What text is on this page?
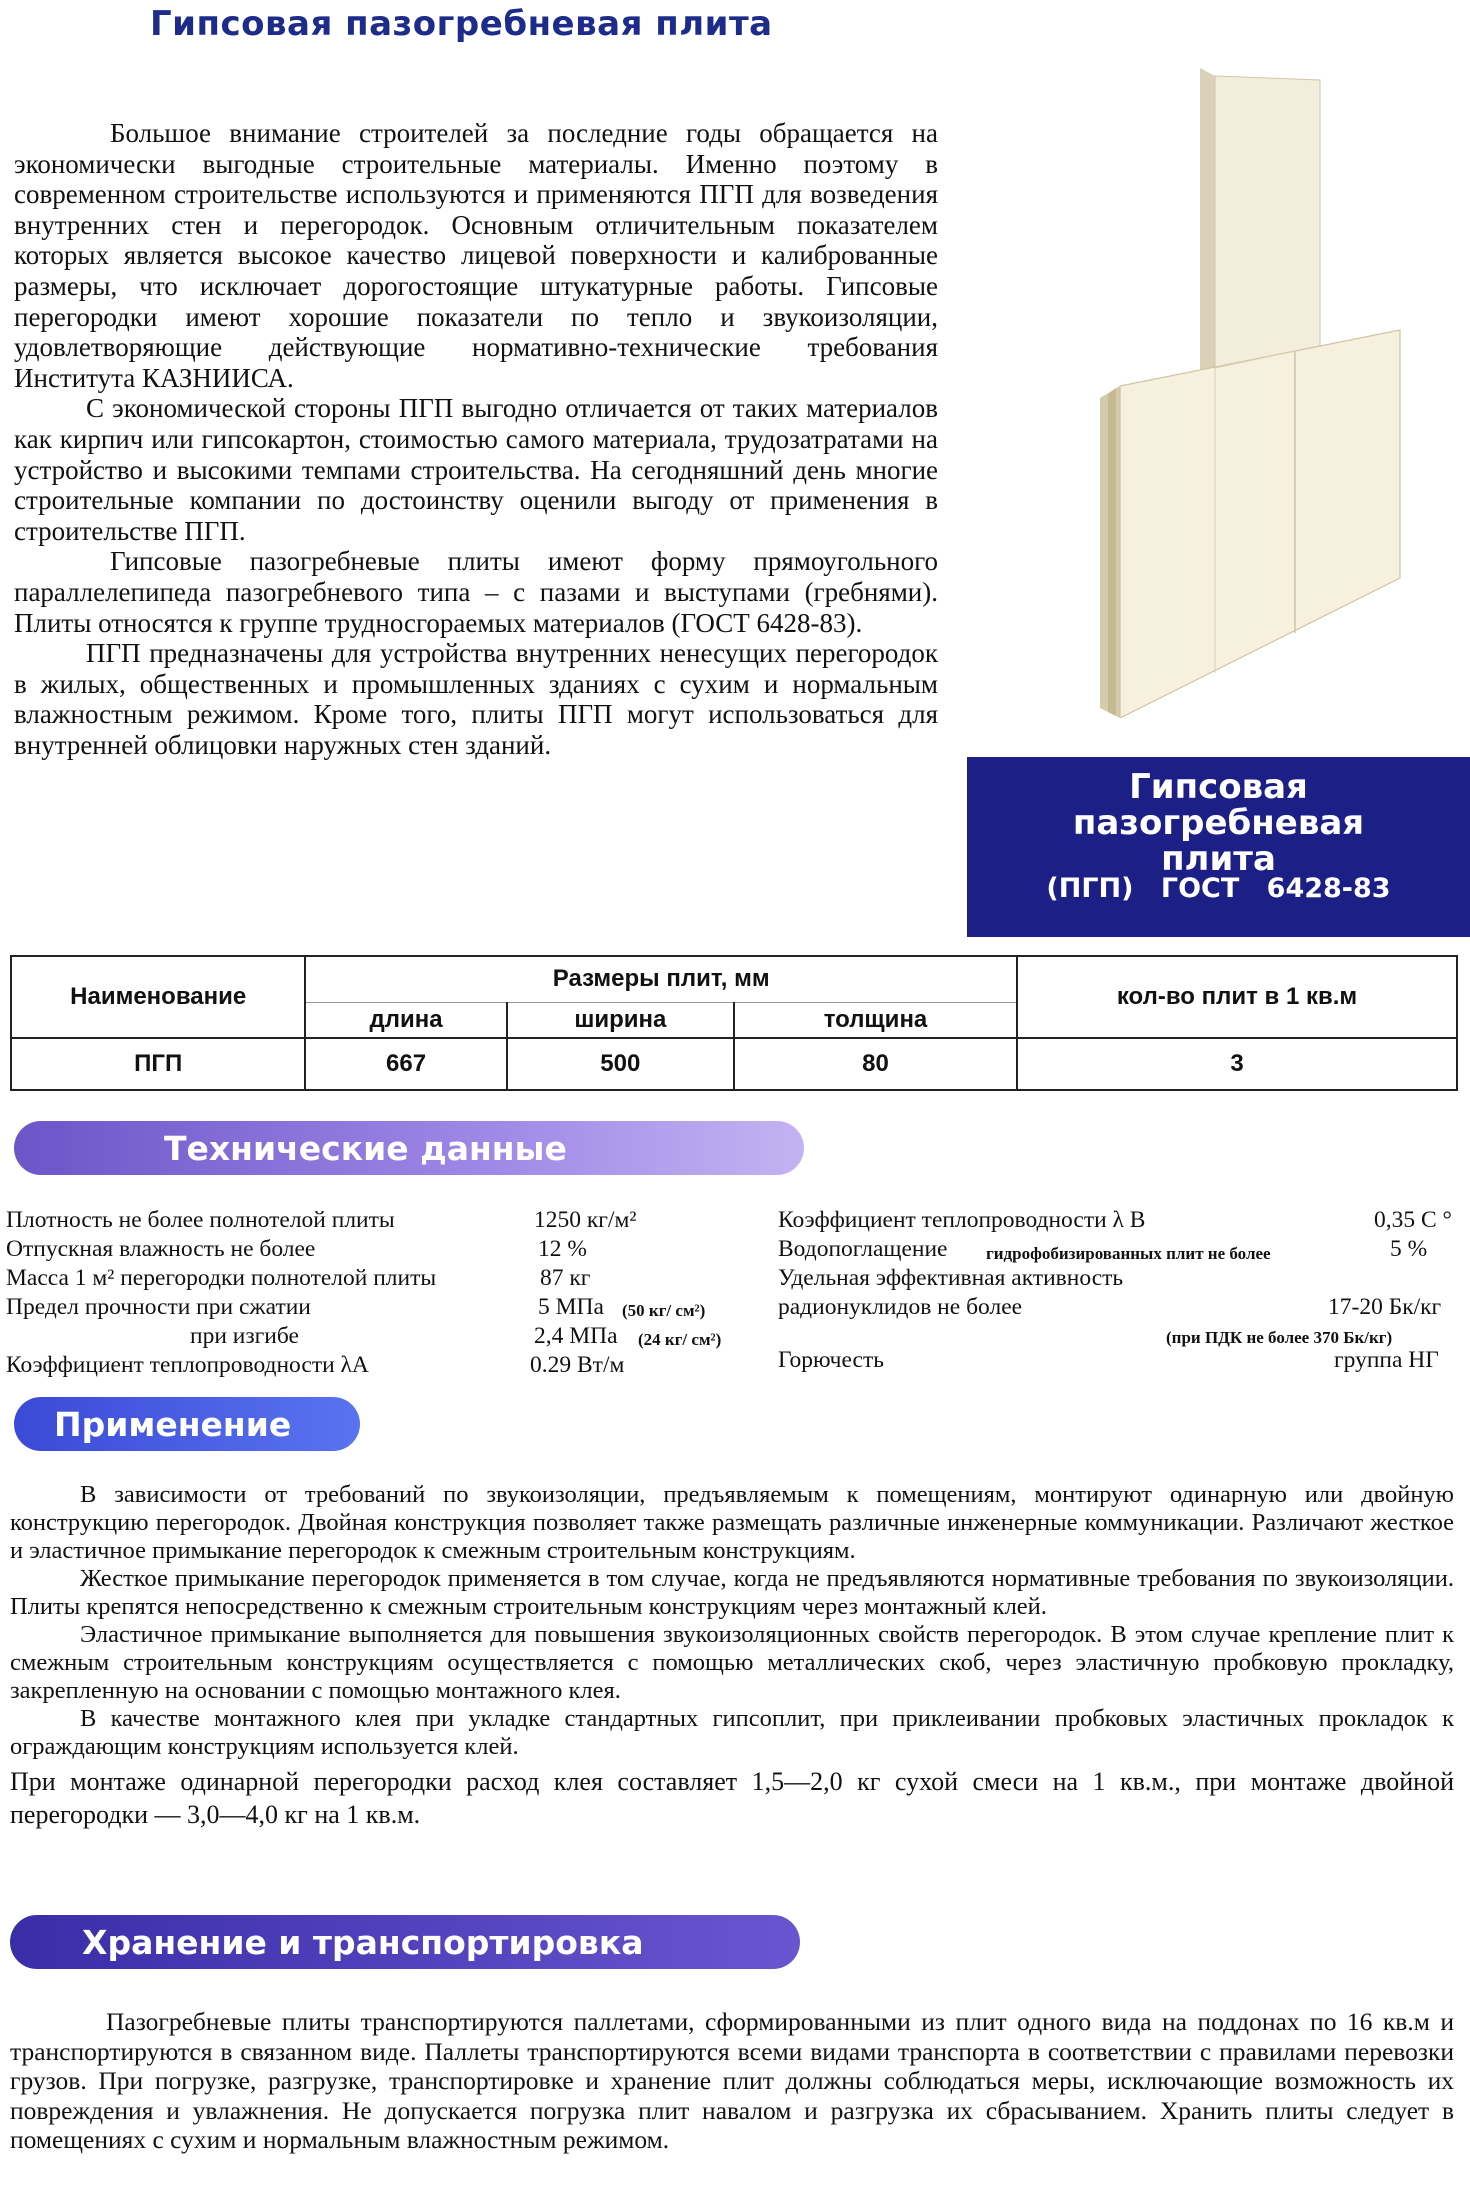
Гипсовая пазогребневая плита

Большое внимание строителей за последние годы обращается на экономически выгодные строительные материалы. Именно поэтому в современном строительстве используются и применяются ПГП для возведения внутренних стен и перегородок. Основным отличительным показателем которых является высокое качество лицевой поверхности и калиброванные размеры, что исключает дорогостоящие штукатурные работы. Гипсовые перегородки имеют хорошие показатели по тепло и звукоизоляции, удовлетворяющие действующие нормативно-технические требования Института КАЗНИИСА.

С экономической стороны ПГП выгодно отличается от таких материалов как кирпич или гипсокартон, стоимостью самого материала, трудозатратами на устройство и высокими темпами строительства. На сегодняшний день многие строительные компании по достоинству оценили выгоду от применения в строительстве ПГП.

Гипсовые пазогребневые плиты имеют форму прямоугольного параллелепипеда пазогребневого типа – с пазами и выступами (гребнями). Плиты относятся к группе трудносгораемых материалов (ГОСТ 6428-83).

ПГП предназначены для устройства внутренних ненесущих перегородок в жилых, общественных и промышленных зданиях с сухим и нормальным влажностным режимом. Кроме того, плиты ПГП могут использоваться для внутренней облицовки наружных стен зданий.

Гипсовая
пазогребневая
плита
(ПГП) ГОСТ 6428-83
Наименование	Размеры плит, мм			кол-во плит в 1 кв.м
	длина	ширина	толщина	
ПГП	667	500	80	3
Технические данные
Плотность не более полнотелой плиты	1250 кг/м²
Отпускная влажность не более	12 %
Масса 1 м² перегородки полнотелой плиты	87 кг
Предел прочности при сжатии	5 МПа (50 кг/ см²)
при изгибе	2,4 МПа (24 кг/ см²)
Коэффициент теплопроводности λA	0.29 Вт/м
Коэффициент теплопроводности λ B	0,35 С °
Водопоглащение гидрофобизированных плит не более	5 %
Удельная эффективная активность
радионуклидов не более	17-20 Бк/кг
(при ПДК не более 370 Бк/кг)
Горючесть	группа НГ
Применение

В зависимости от требований по звукоизоляции, предъявляемым к помещениям, монтируют одинарную или двойную конструкцию перегородок. Двойная конструкция позволяет также размещать различные инженерные коммуникации. Различают жесткое и эластичное примыкание перегородок к смежным строительным конструкциям.

Жесткое примыкание перегородок применяется в том случае, когда не предъявляются нормативные требования по звукоизоляции. Плиты крепятся непосредственно к смежным строительным конструкциям через монтажный клей.

Эластичное примыкание выполняется для повышения звукоизоляционных свойств перегородок. В этом случае крепление плит к смежным строительным конструкциям осуществляется с помощью металлических скоб, через эластичную пробковую прокладку, закрепленную на основании с помощью монтажного клея.

В качестве монтажного клея при укладке стандартных гипсоплит, при приклеивании пробковых эластичных прокладок к ограждающим конструкциям используется клей.

При монтаже одинарной перегородки расход клея составляет 1,5—2,0 кг сухой смеси на 1 кв.м., при монтаже двойной перегородки — 3,0—4,0 кг на 1 кв.м.

Хранение и транспортировка

Пазогребневые плиты транспортируются паллетами, сформированными из плит одного вида на поддонах по 16 кв.м и транспортируются в связанном виде. Паллеты транспортируются всеми видами транспорта в соответствии с правилами перевозки грузов. При погрузке, разгрузке, транспортировке и хранение плит должны соблюдаться меры, исключающие возможность их повреждения и увлажнения. Не допускается погрузка плит навалом и разгрузка их сбрасыванием. Хранить плиты следует в помещениях с сухим и нормальным влажностным режимом.
